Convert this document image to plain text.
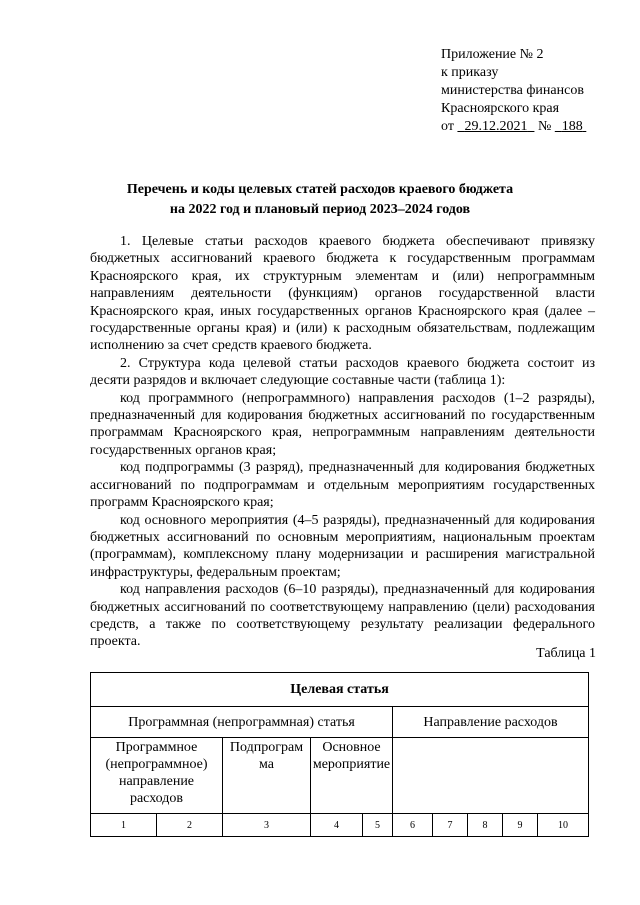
Приложение № 2
к приказу
министерства финансов
Красноярского края
от 29.12.2021 № 188
Перечень и коды целевых статей расходов краевого бюджета
на 2022 год и плановый период 2023–2024 годов

1. Целевые статьи расходов краевого бюджета обеспечивают привязку бюджетных ассигнований краевого бюджета к государственным программам Красноярского края, их структурным элементам и (или) непрограммным направлениям деятельности (функциям) органов государственной власти Красноярского края, иных государственных органов Красноярского края (далее – государственные органы края) и (или) к расходным обязательствам, подлежащим исполнению за счет средств краевого бюджета.

2. Структура кода целевой статьи расходов краевого бюджета состоит из десяти разрядов и включает следующие составные части (таблица 1):

код программного (непрограммного) направления расходов (1–2 разряды), предназначенный для кодирования бюджетных ассигнований по государственным программам Красноярского края, непрограммным направлениям деятельности государственных органов края;

код подпрограммы (3 разряд), предназначенный для кодирования бюджетных ассигнований по подпрограммам и отдельным мероприятиям государственных программ Красноярского края;

код основного мероприятия (4–5 разряды), предназначенный для кодирования бюджетных ассигнований по основным мероприятиям, национальным проектам (программам), комплексному плану модернизации и расширения магистральной инфраструктуры, федеральным проектам;

код направления расходов (6–10 разряды), предназначенный для кодирования бюджетных ассигнований по соответствующему направлению (цели) расходования средств, а также по соответствующему результату реализации федерального проекта.

Таблица 1
Целевая статья									
Программная (непрограммная) статья					Направление расходов				
Программное (непрограммное) направление расходов		Подпрограм ма	Основное мероприятие						
1	2	3	4	5	6	7	8	9	10
